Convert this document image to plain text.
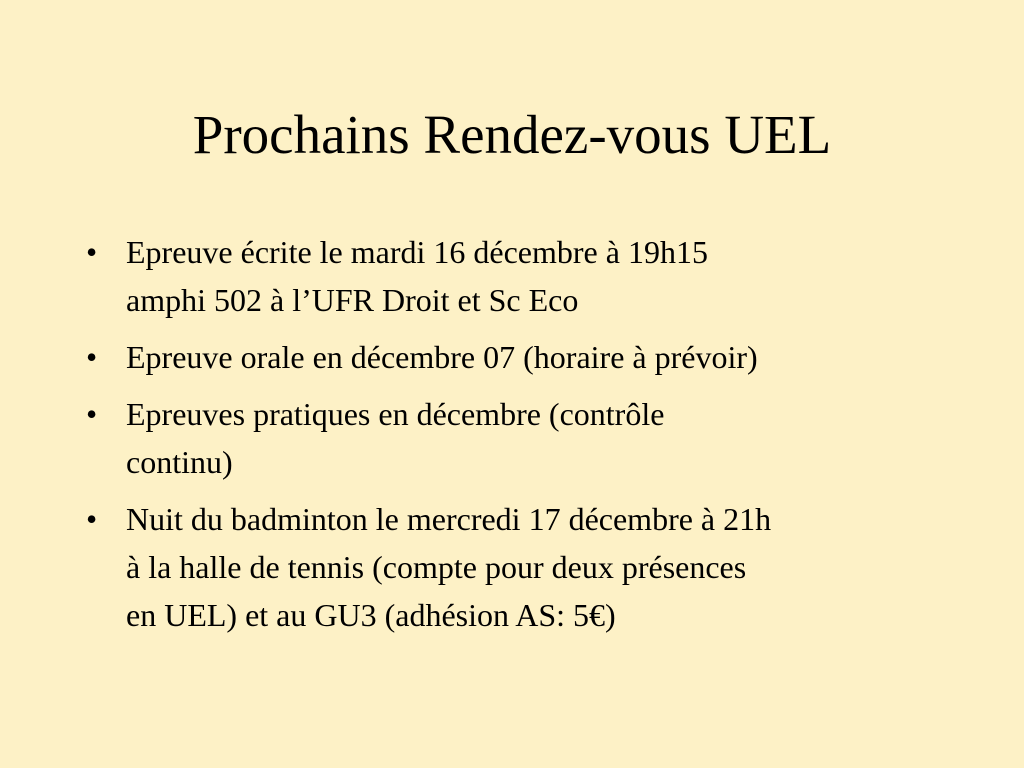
Prochains Rendez-vous UEL
• Epreuve écrite le mardi 16 décembre à 19h15
amphi 502 à l’UFR Droit et Sc Eco
• Epreuve orale en décembre 07 (horaire à prévoir)
• Epreuves pratiques en décembre (contrôle
continu)
• Nuit du badminton le mercredi 17 décembre à 21h
à la halle de tennis (compte pour deux présences
en UEL) et au GU3 (adhésion AS: 5€)
